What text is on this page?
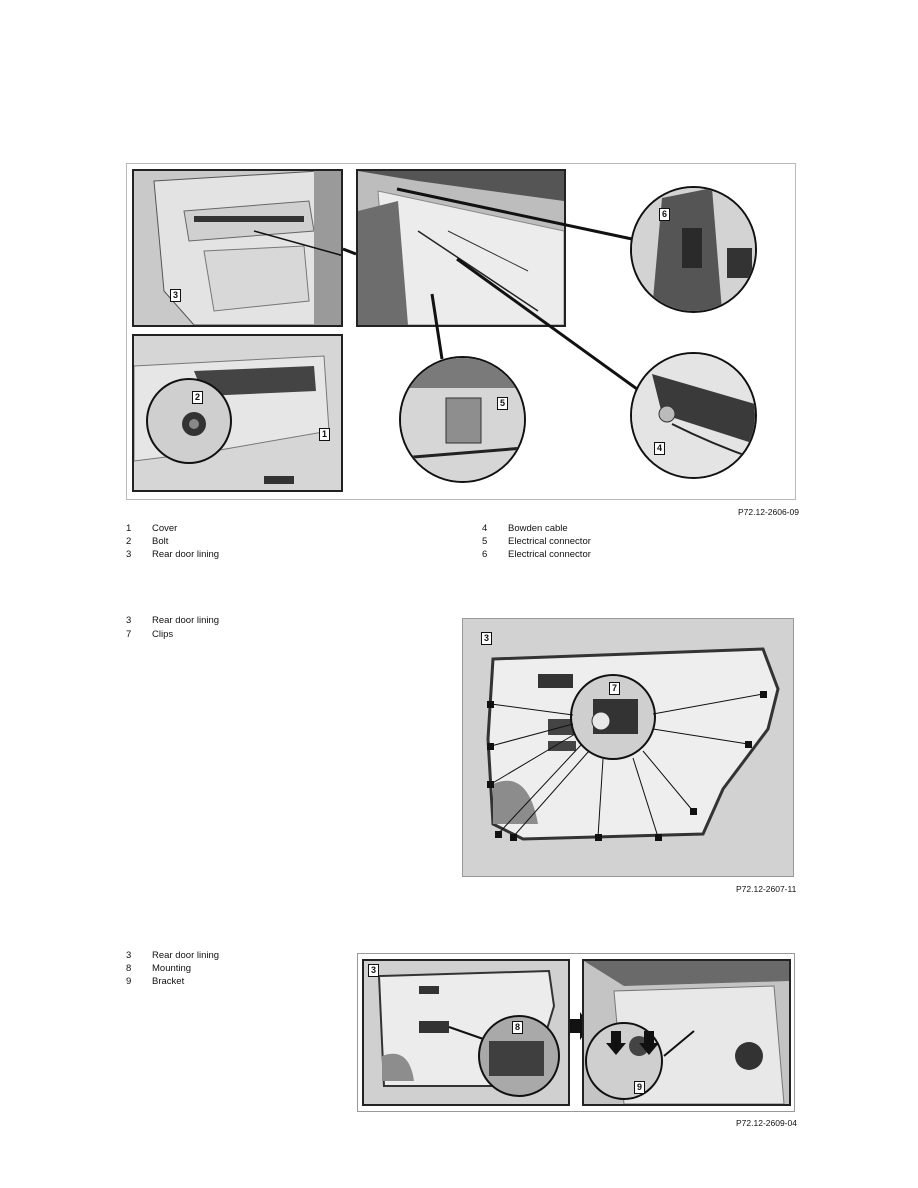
3
2
1
6
5
4
P72.12-2606-09
1 Cover
2 Bolt
3 Rear door lining
4 Bowden cable
5 Electrical connector
6 Electrical connector
3 Rear door lining
7 Clips	3
7
P72.12-2607-11
3 Rear door lining
8 Mounting
9 Bracket
3
8
9
P72.12-2609-04
